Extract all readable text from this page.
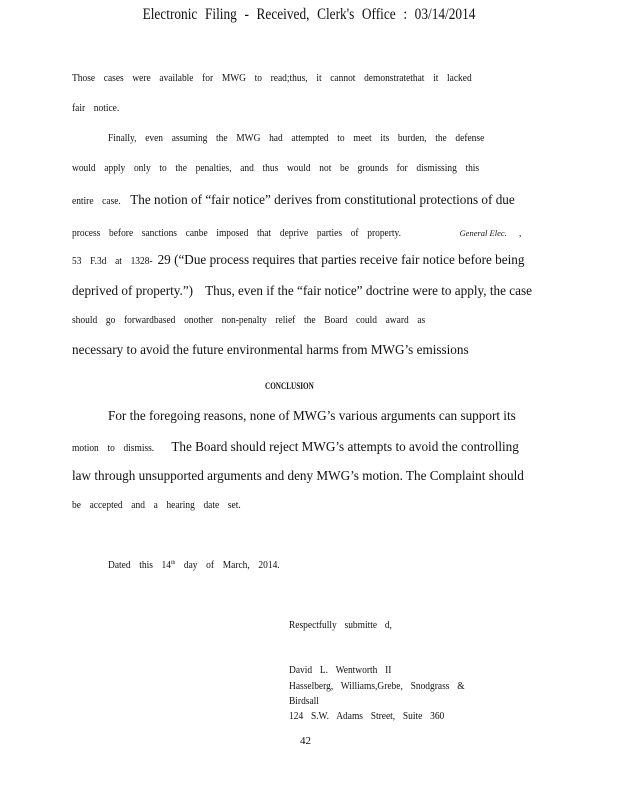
Electronic Filing - Received, Clerk's Office : 03/14/2014
Those cases were available for MWG to read;thus, it cannot demonstratethat it lacked
fair notice.
Finally, even assuming the MWG had attempted to meet its burden, the defense
would apply only to the penalties, and thus would not be grounds for dismissing this
entire case. The notion of “fair notice” derives from constitutional protections of due
process before sanctions canbe imposed that deprive parties of property.	General Elec. ,
53 F.3d at 1328- 29 (“Due process requires that parties receive fair notice before being
deprived of property.”) Thus, even if the “fair notice” doctrine were to apply, the case
should go forwardbased onother non-penalty relief the Board could award as
necessary to avoid the future environmental harms from MWG’s emissions
CONCLUSION
For the foregoing reasons, none of MWG’s various arguments can support its
motion to dismiss. The Board should reject MWG’s attempts to avoid the controlling
law through unsupported arguments and deny MWG’s motion. The Complaint should
be accepted and a hearing date set.
Dated this 14th day of March, 2014.
Respectfully submitte d,
David L. Wentworth II
Hasselberg, Williams,Grebe, Snodgrass &
Birdsall
124 S.W. Adams Street, Suite 360
42
